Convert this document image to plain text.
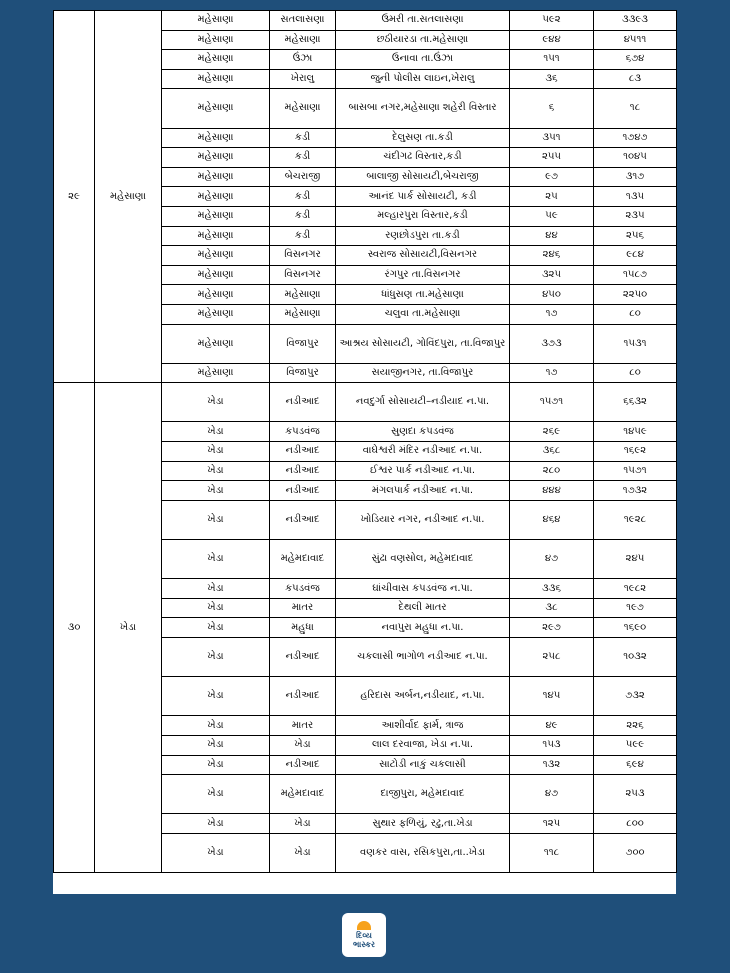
૨૯	મહેસાણા	મહેસાણા	સતલાસણા	ઉમરી તા.સતલાસણા	૫૯૨	૩૩૯૩
		મહેસાણા	મહેસાણા	છઠીયારડા તા.મહેસાણા	૯૪૪	૪૫૧૧
		મહેસાણા	ઉંઝા	ઉનાવા તા.ઉંઝા	૧૫૧	૬૭૪
		મહેસાણા	ખેરાલુ	જુની પોલીસ લાઇન,ખેરાલુ	૩૬	૮૩
		મહેસાણા	મહેસાણા	બાસબા નગર,મહેસાણા શહેરી વિસ્તાર	૬	૧૮
		મહેસાણા	કડી	દેલુસણ તા.કડી	૩૫૧	૧૭૪૭
		મહેસાણા	કડી	ચંદીગઢ વિસ્તાર,કડી	૨૫૫	૧૦૪૫
		મહેસાણા	બેચરાજી	બાલાજી સોસાયટી,બેચરાજી	૯૭	૩૧૭
		મહેસાણા	કડી	આનંદ પાર્ક સોસાયટી, કડી	૨૫	૧૩૫
		મહેસાણા	કડી	મલ્હારપુરા વિસ્તાર,કડી	૫૯	૨૩૫
		મહેસાણા	કડી	રણછોડપુરા તા.કડી	૪૪	૨૫૬
		મહેસાણા	વિસનગર	સ્વરાજ સોસાયટી,વિસનગર	૨૪૬	૯૮૪
		મહેસાણા	વિસનગર	રંગપુર તા.વિસનગર	૩૨૫	૧૫૮૭
		મહેસાણા	મહેસાણા	ધાંધુસણ તા.મહેસાણા	૪૫૦	૨૨૫૦
		મહેસાણા	મહેસાણા	ચલુવા તા.મહેસાણા	૧૭	૮૦
		મહેસાણા	વિજાપુર	આશ્રય સોસાયટી, ગોવિંદપુરા, તા.વિજાપુર	૩૭૩	૧૫૩૧
		મહેસાણા	વિજાપુર	સયાજીનગર, તા.વિજાપુર	૧૭	૮૦
૩૦	ખેડા	ખેડા	નડીઆદ	નવદુર્ગા સોસાયટી–નડીયાદ ન.પા.	૧૫૭૧	૬૬૩૨
		ખેડા	કપડવંજ	સુણદા કપડવંજ	૨૬૯	૧૪૫૯
		ખેડા	નડીઆદ	વાઘેશ્વરી મંદિર નડીઆદ ન.પા.	૩૬૮	૧૬૯૨
		ખેડા	નડીઆદ	ઈશ્વર પાર્ક નડીઆદ ન.પા.	૨૮૦	૧૫૭૧
		ખેડા	નડીઆદ	મંગલપાર્ક નડીઆદ ન.પા.	૪૪૪	૧૭૩૨
		ખેડા	નડીઆદ	ખોડિયાર નગર, નડીઆદ ન.પા.	૪૬૪	૧૯૨૮
		ખેડા	મહેમદાવાદ	સુંઢા વણસોલ, મહેમદાવાદ	૪૭	૨૪૫
		ખેડા	કપડવંજ	ઘાંચીવાસ કપડવંજ ન.પા.	૩૩૬	૧૯૮૨
		ખેડા	માતર	દેથલી માતર	૩૮	૧૯૭
		ખેડા	મહુધા	નવાપુરા મહુધા ન.પા.	૨૯૭	૧૬૯૦
		ખેડા	નડીઆદ	ચકલાસી ભાગોળ નડીઆદ ન.પા.	૨૫૮	૧૦૩૨
		ખેડા	નડીઆદ	હરિદાસ અર્બન,નડીયાદ, ન.પા.	૧૪૫	૭૩૨
		ખેડા	માતર	આશીર્વાદ ફાર્મ, ત્રાજ	૪૯	૨૨૬
		ખેડા	ખેડા	લાલ દરવાજા, ખેડા ન.પા.	૧૫૩	૫૯૯
		ખેડા	નડીઆદ	સાટોડી નાકું ચકલાસી	૧૩૨	૬૯૪
		ખેડા	મહેમદાવાદ	દાજીપુરા, મહેમદાવાદ	૪૭	૨૫૩
		ખેડા	ખેડા	સુથાર ફળિયું, રઢુ,તા.ખેડા	૧૨૫	૮૦૦
		ખેડા	ખેડા	વણકર વાસ, રસિકપુરા,તા..ખેડા	૧૧૮	૭૦૦
દિવ્ય
ભાસ્કર
